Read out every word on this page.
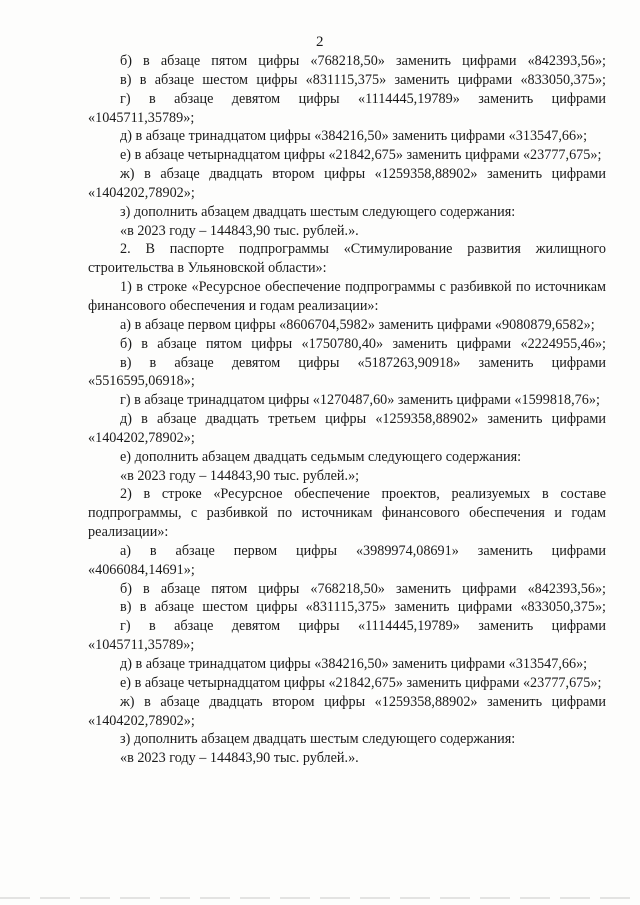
2

б) в абзаце пятом цифры «768218,50» заменить цифрами «842393,56»;

в) в абзаце шестом цифры «831115,375» заменить цифрами «833050,375»;

г) в абзаце девятом цифры «1114445,19789» заменить цифрами «1045711,35789»;

д) в абзаце тринадцатом цифры «384216,50» заменить цифрами «313547,66»;

е) в абзаце четырнадцатом цифры «21842,675» заменить цифрами «23777,675»;

ж) в абзаце двадцать втором цифры «1259358,88902» заменить цифрами «1404202,78902»;

з) дополнить абзацем двадцать шестым следующего содержания:

«в 2023 году – 144843,90 тыс. рублей.».

2. В паспорте подпрограммы «Стимулирование развития жилищного строительства в Ульяновской области»:

1) в строке «Ресурсное обеспечение подпрограммы с разбивкой по источникам финансового обеспечения и годам реализации»:

а) в абзаце первом цифры «8606704,5982» заменить цифрами «9080879,6582»;

б) в абзаце пятом цифры «1750780,40» заменить цифрами «2224955,46»;

в) в абзаце девятом цифры «5187263,90918» заменить цифрами «5516595,06918»;

г) в абзаце тринадцатом цифры «1270487,60» заменить цифрами «1599818,76»;

д) в абзаце двадцать третьем цифры «1259358,88902» заменить цифрами «1404202,78902»;

е) дополнить абзацем двадцать седьмым следующего содержания:

«в 2023 году – 144843,90 тыс. рублей.»;

2) в строке «Ресурсное обеспечение проектов, реализуемых в составе подпрограммы, с разбивкой по источникам финансового обеспечения и годам реализации»:

а) в абзаце первом цифры «3989974,08691» заменить цифрами «4066084,14691»;

б) в абзаце пятом цифры «768218,50» заменить цифрами «842393,56»;

в) в абзаце шестом цифры «831115,375» заменить цифрами «833050,375»;

г) в абзаце девятом цифры «1114445,19789» заменить цифрами «1045711,35789»;

д) в абзаце тринадцатом цифры «384216,50» заменить цифрами «313547,66»;

е) в абзаце четырнадцатом цифры «21842,675» заменить цифрами «23777,675»;

ж) в абзаце двадцать втором цифры «1259358,88902» заменить цифрами «1404202,78902»;

з) дополнить абзацем двадцать шестым следующего содержания:

«в 2023 году – 144843,90 тыс. рублей.».
